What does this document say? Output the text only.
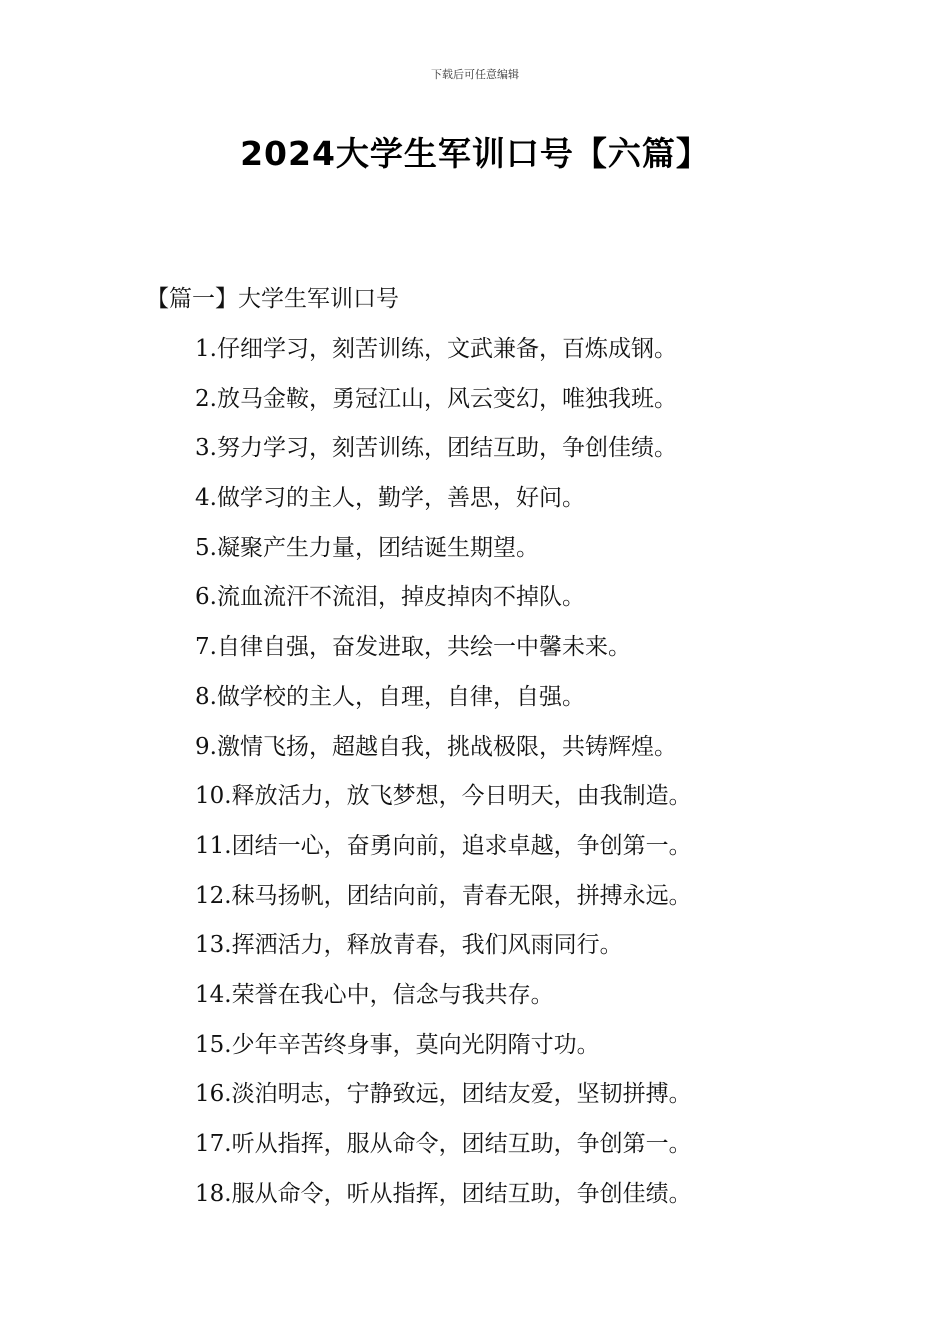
下载后可任意编辑
2024大学生军训口号【六篇】
【篇一】大学生军训口号
1.仔细学习，刻苦训练，文武兼备，百炼成钢。
2.放马金鞍，勇冠江山，风云变幻，唯独我班。
3.努力学习，刻苦训练，团结互助，争创佳绩。
4.做学习的主人，勤学，善思，好问。
5.凝聚产生力量，团结诞生期望。
6.流血流汗不流泪，掉皮掉肉不掉队。
7.自律自强，奋发进取，共绘一中馨未来。
8.做学校的主人，自理，自律，自强。
9.激情飞扬，超越自我，挑战极限，共铸辉煌。
10.释放活力，放飞梦想，今日明天，由我制造。
11.团结一心，奋勇向前，追求卓越，争创第一。
12.秣马扬帆，团结向前，青春无限，拼搏永远。
13.挥洒活力，释放青春，我们风雨同行。
14.荣誉在我心中，信念与我共存。
15.少年辛苦终身事，莫向光阴隋寸功。
16.淡泊明志，宁静致远，团结友爱，坚韧拼搏。
17.听从指挥，服从命令，团结互助，争创第一。
18.服从命令，听从指挥，团结互助，争创佳绩。
